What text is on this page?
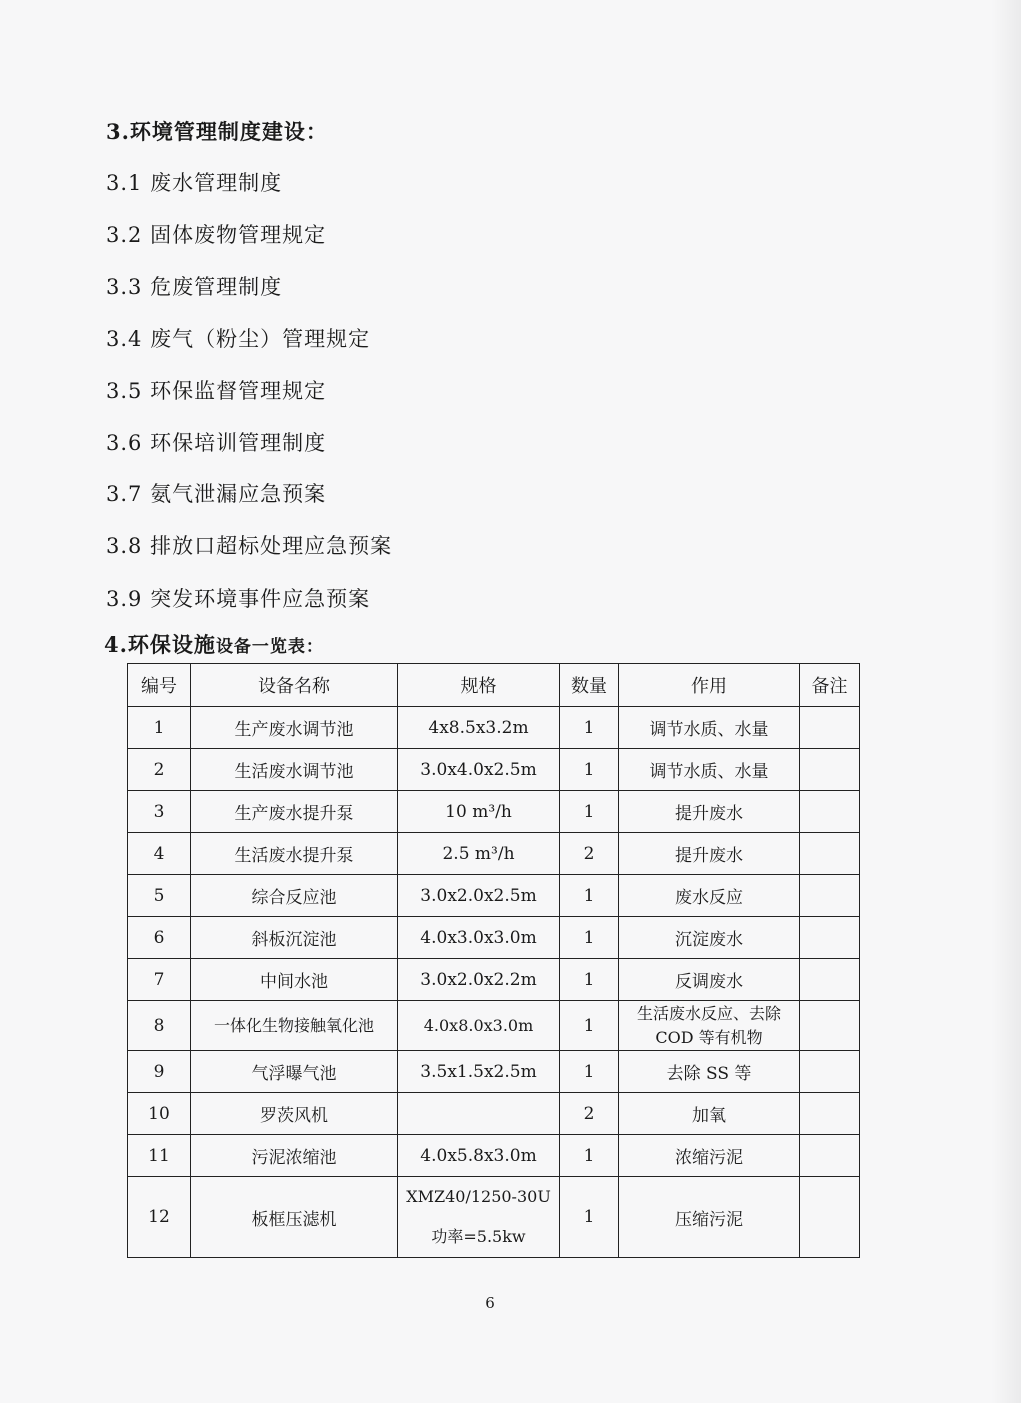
3.环境管理制度建设：
3.1 废水管理制度
3.2 固体废物管理规定
3.3 危废管理制度
3.4 废气（粉尘）管理规定
3.5 环保监督管理规定
3.6 环保培训管理制度
3.7 氨气泄漏应急预案
3.8 排放口超标处理应急预案
3.9 突发环境事件应急预案
4.环保设施设备一览表：
编号	设备名称	规格	数量	作用	备注
1	生产废水调节池	4x8.5x3.2m	1	调节水质、水量	
2	生活废水调节池	3.0x4.0x2.5m	1	调节水质、水量	
3	生产废水提升泵	10 m³/h	1	提升废水	
4	生活废水提升泵	2.5 m³/h	2	提升废水	
5	综合反应池	3.0x2.0x2.5m	1	废水反应	
6	斜板沉淀池	4.0x3.0x3.0m	1	沉淀废水	
7	中间水池	3.0x2.0x2.2m	1	反调废水	
8	一体化生物接触氧化池	4.0x8.0x3.0m	1	生活废水反应、去除
COD 等有机物	

9	气浮曝气池	3.5x1.5x2.5m	1	去除 SS 等	
10	罗茨风机		2	加氧	
11	污泥浓缩池	4.0x5.8x3.0m	1	浓缩污泥	
12	板框压滤机	XMZ40/1250-30U
功率=5.5kw	1	压缩污泥	
6
